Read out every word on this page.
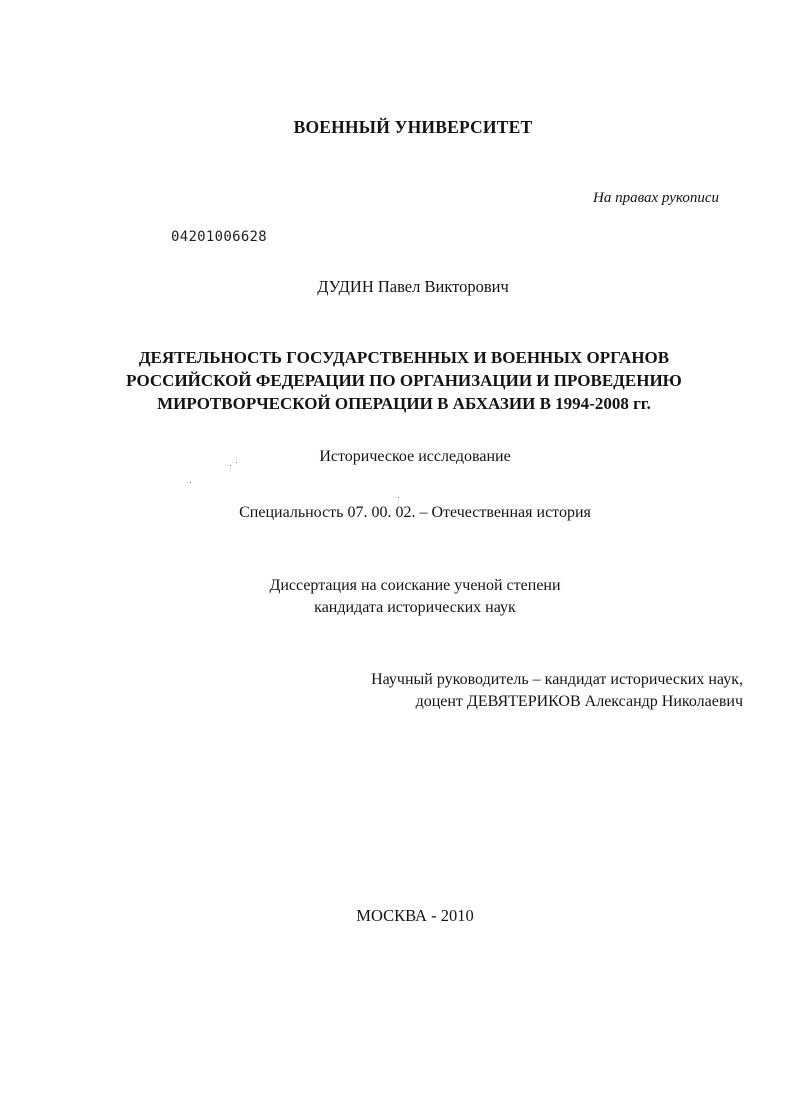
ВОЕННЫЙ УНИВЕРСИТЕТ

На правах рукописи

04201006628

ДУДИН Павел Викторович

ДЕЯТЕЛЬНОСТЬ ГОСУДАРСТВЕННЫХ И ВОЕННЫХ ОРГАНОВ
РОССИЙСКОЙ ФЕДЕРАЦИИ ПО ОРГАНИЗАЦИИ И ПРОВЕДЕНИЮ
МИРОТВОРЧЕСКОЙ ОПЕРАЦИИ В АБХАЗИИ В 1994-2008 гг.

Историческое исследование

Специальность 07. 00. 02. – Отечественная история

Диссертация на соискание ученой степени
кандидата исторических наук
Научный руководитель – кандидат исторических наук,
доцент ДЕВЯТЕРИКОВ Александр Николаевич

МОСКВА - 2010
